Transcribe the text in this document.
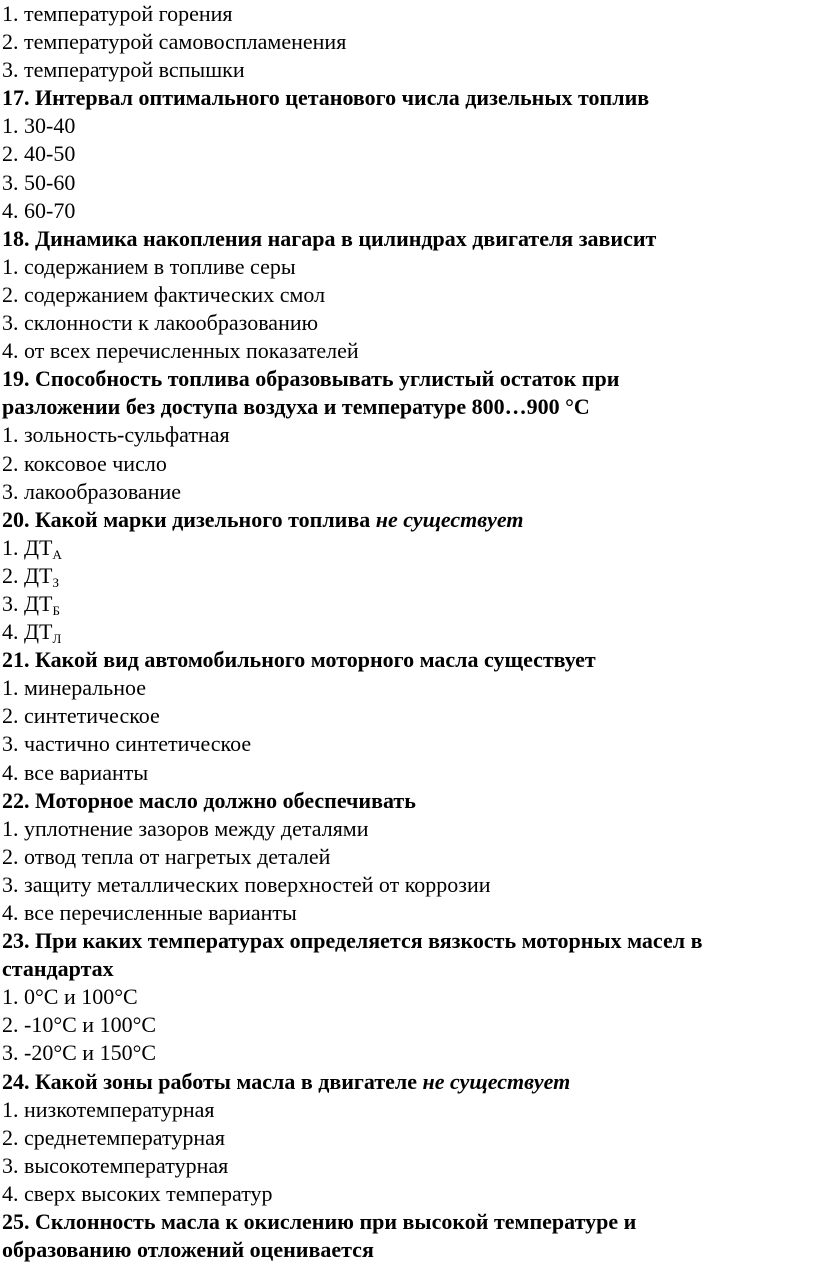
1. температурой горения
2. температурой самовоспламенения
3. температурой вспышки
17. Интервал оптимального цетанового числа дизельных топлив
1. 30-40
2. 40-50
3. 50-60
4. 60-70
18. Динамика накопления нагара в цилиндрах двигателя зависит
1. содержанием в топливе серы
2. содержанием фактических смол
3. склонности к лакообразованию
4. от всех перечисленных показателей
19. Способность топлива образовывать углистый остаток при
разложении без доступа воздуха и температуре 800…900 °С
1. зольность-сульфатная
2. коксовое число
3. лакообразование
20. Какой марки дизельного топлива не существует
1. $ДТ_А$
2. $ДТ_З$
3. $ДТ_Б$
4. $ДТ_Л$
21. Какой вид автомобильного моторного масла существует
1. минеральное
2. синтетическое
3. частично синтетическое
4. все варианты
22. Моторное масло должно обеспечивать
1. уплотнение зазоров между деталями
2. отвод тепла от нагретых деталей
3. защиту металлических поверхностей от коррозии
4. все перечисленные варианты
23. При каких температурах определяется вязкость моторных масел в
стандартах
1. 0°С и 100°С
2. -10°С и 100°С
3. -20°С и 150°С
24. Какой зоны работы масла в двигателе не существует
1. низкотемпературная
2. среднетемпературная
3. высокотемпературная
4. сверх высоких температур
25. Склонность масла к окислению при высокой температуре и
образованию отложений оценивается
